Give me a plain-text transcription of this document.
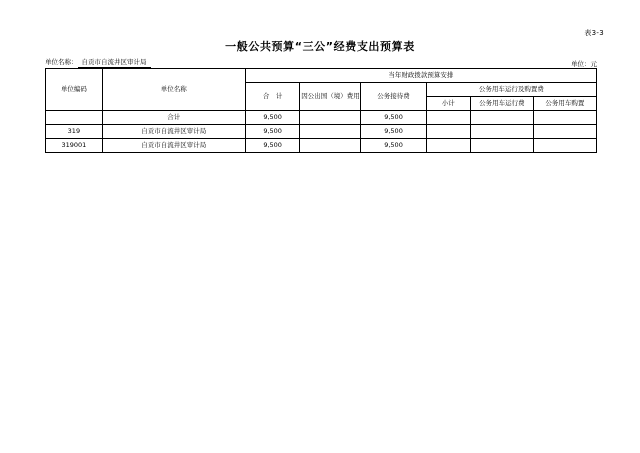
表3-3
一般公共预算“三公”经费支出预算表
单位名称： 自贡市自流井区审计局	单位：元
单位编码	单位名称	当年财政拨款预算安排					
		合　计	因公出国（境）费用	公务接待费	公务用车运行及购置费		
					小计	公务用车运行费	公务用车购置
	合计	9,500		9,500			
319	自贡市自流井区审计局	9,500		9,500			
319001	自贡市自流井区审计局	9,500		9,500			
